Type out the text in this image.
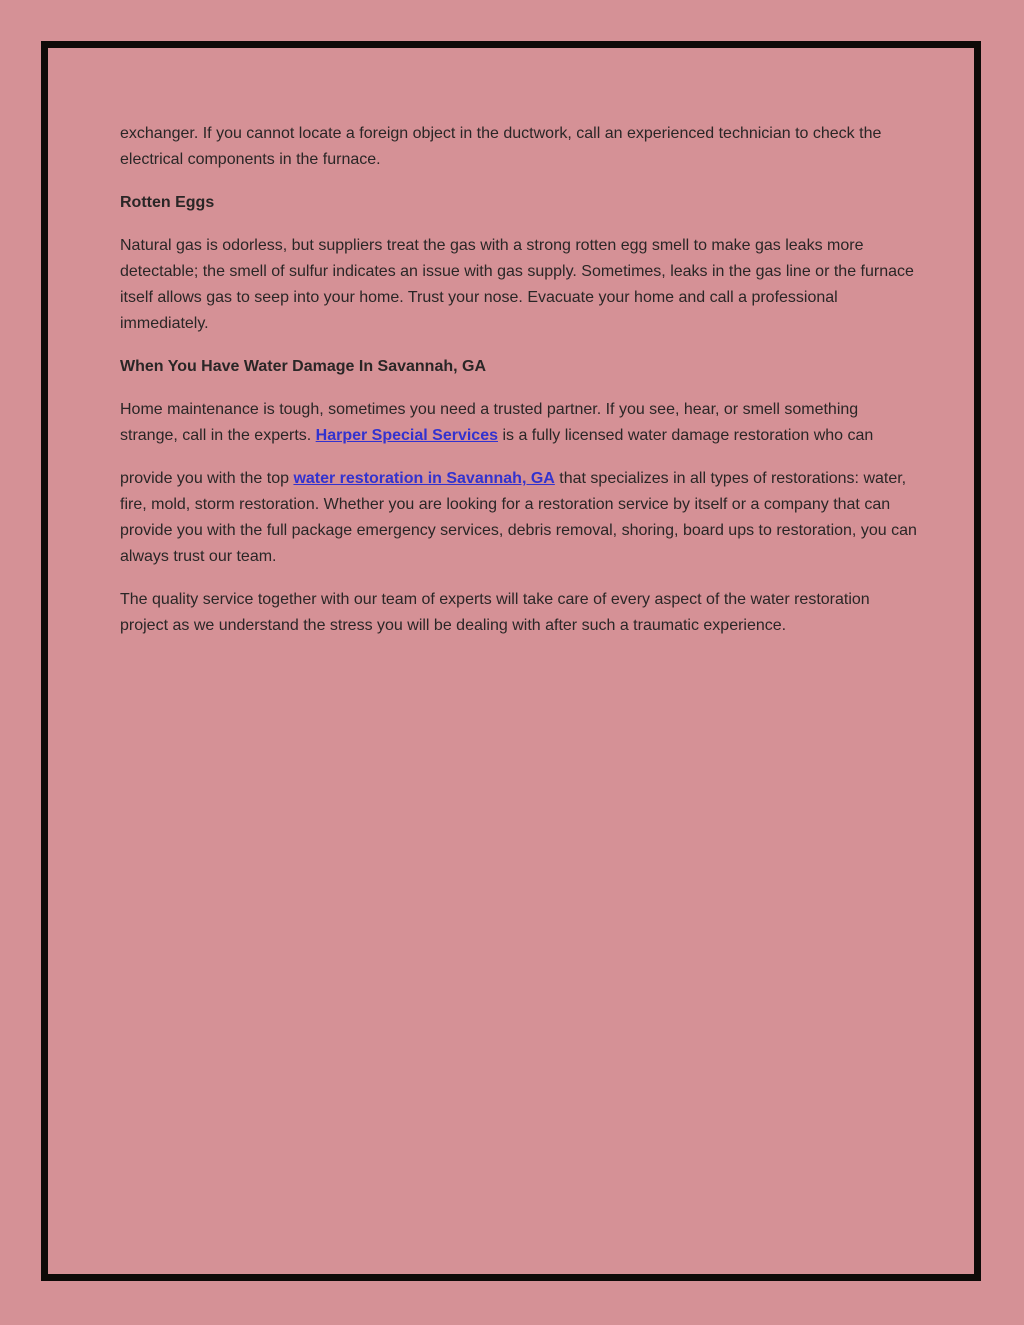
exchanger. If you cannot locate a foreign object in the ductwork, call an experienced technician to check the electrical components in the furnace.

Rotten Eggs

Natural gas is odorless, but suppliers treat the gas with a strong rotten egg smell to make gas leaks more detectable; the smell of sulfur indicates an issue with gas supply. Sometimes, leaks in the gas line or the furnace itself allows gas to seep into your home. Trust your nose. Evacuate your home and call a professional immediately.

When You Have Water Damage In Savannah, GA

Home maintenance is tough, sometimes you need a trusted partner. If you see, hear, or smell something strange, call in the experts. Harper Special Services is a fully licensed water damage restoration who can

provide you with the top water restoration in Savannah, GA that specializes in all types of restorations: water, fire, mold, storm restoration. Whether you are looking for a restoration service by itself or a company that can provide you with the full package emergency services, debris removal, shoring, board ups to restoration, you can always trust our team.

The quality service together with our team of experts will take care of every aspect of the water restoration project as we understand the stress you will be dealing with after such a traumatic experience.
